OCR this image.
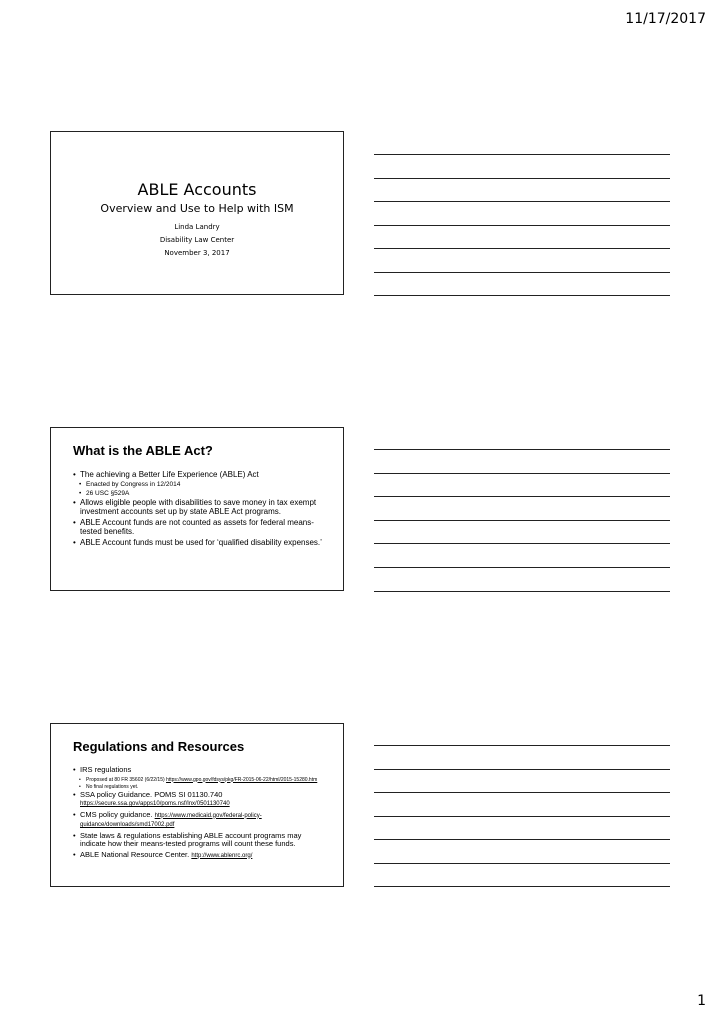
11/17/2017
ABLE Accounts
Overview and Use to Help with ISM
Linda Landry
Disability Law Center
November 3, 2017
What is the ABLE Act?
• The achieving a Better Life Experience (ABLE) Act
• Enacted by Congress in 12/2014
• 26 USC §529A
• Allows eligible people with disabilities to save money in tax exempt investment accounts set up by state ABLE Act programs.
• ABLE Account funds are not counted as assets for federal means-tested benefits.
• ABLE Account funds must be used for ‘qualified disability expenses.’
Regulations and Resources
• IRS regulations
• Proposed at 80 FR 35602 (6/22/15) https://www.gpo.gov/fdsys/pkg/FR-2015-06-22/html/2015-15280.htm
• No final regulations yet.
• SSA policy Guidance. POMS SI 01130.740
https://secure.ssa.gov/apps10/poms.nsf/lnx/0501130740
• CMS policy guidance. https://www.medicaid.gov/federal-policy-guidance/downloads/smd17002.pdf
• State laws & regulations establishing ABLE account programs may indicate how their means-tested programs will count these funds.
• ABLE National Resource Center. http://www.ablenrc.org/
1
